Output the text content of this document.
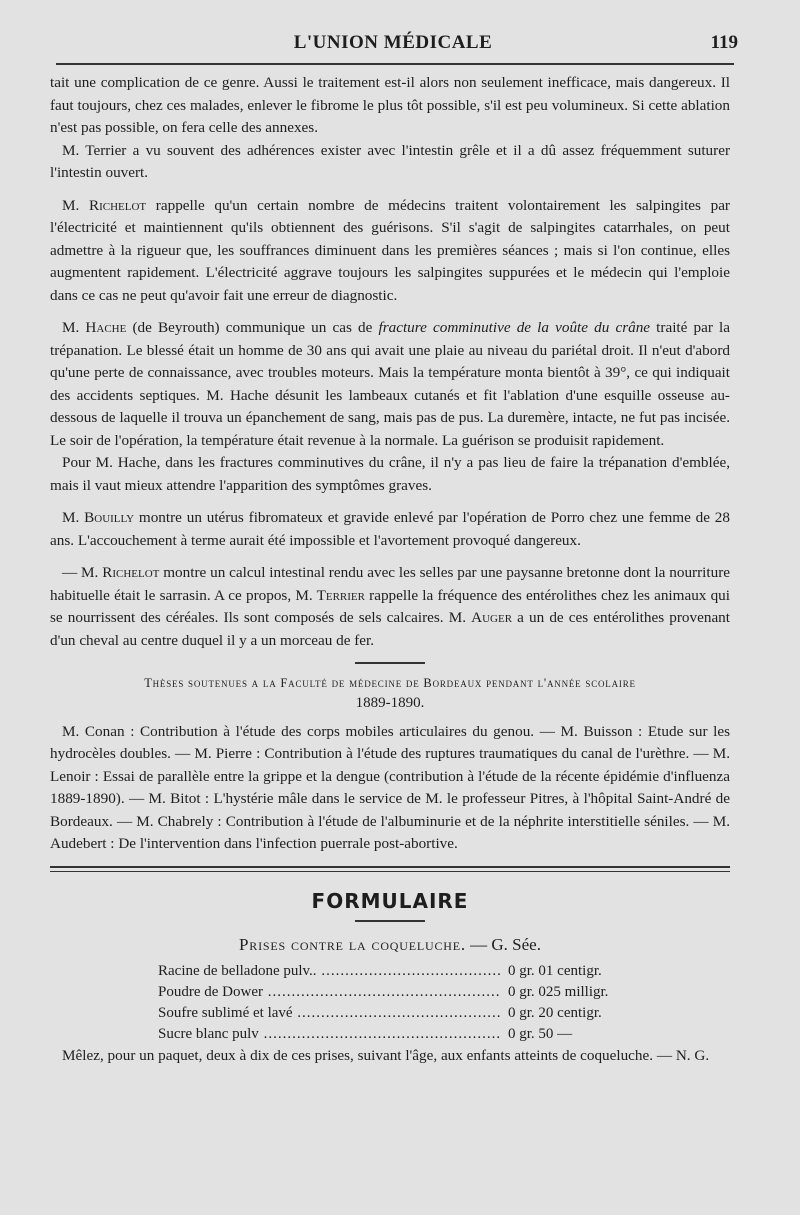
L'UNION MÉDICALE	119

tait une complication de ce genre. Aussi le traitement est-il alors non seulement inefficace, mais dangereux. Il faut toujours, chez ces malades, enlever le fibrome le plus tôt possible, s'il est peu volumineux. Si cette ablation n'est pas possible, on fera celle des annexes.

M. Terrier a vu souvent des adhérences exister avec l'intestin grêle et il a dû assez fréquemment suturer l'intestin ouvert.

M. Richelot rappelle qu'un certain nombre de médecins traitent volontairement les salpingites par l'électricité et maintiennent qu'ils obtiennent des guérisons. S'il s'agit de salpingites catarrhales, on peut admettre à la rigueur que, les souffrances diminuent dans les premières séances ; mais si l'on continue, elles augmentent rapidement. L'électricité aggrave toujours les salpingites suppurées et le médecin qui l'emploie dans ce cas ne peut qu'avoir fait une erreur de diagnostic.

M. Hache (de Beyrouth) communique un cas de fracture comminutive de la voûte du crâne traité par la trépanation. Le blessé était un homme de 30 ans qui avait une plaie au niveau du pariétal droit. Il n'eut d'abord qu'une perte de connaissance, avec troubles moteurs. Mais la température monta bientôt à 39°, ce qui indiquait des accidents septiques. M. Hache désunit les lambeaux cutanés et fit l'ablation d'une esquille osseuse au-dessous de laquelle il trouva un épanchement de sang, mais pas de pus. La duremère, intacte, ne fut pas incisée. Le soir de l'opération, la température était revenue à la normale. La guérison se produisit rapidement.

Pour M. Hache, dans les fractures comminutives du crâne, il n'y a pas lieu de faire la trépanation d'emblée, mais il vaut mieux attendre l'apparition des symptômes graves.

M. Bouilly montre un utérus fibromateux et gravide enlevé par l'opération de Porro chez une femme de 28 ans. L'accouchement à terme aurait été impossible et l'avortement provoqué dangereux.

— M. Richelot montre un calcul intestinal rendu avec les selles par une paysanne bretonne dont la nourriture habituelle était le sarrasin. A ce propos, M. Terrier rappelle la fréquence des entérolithes chez les animaux qui se nourrissent des céréales. Ils sont composés de sels calcaires. M. Auger a un de ces entérolithes provenant d'un cheval au centre duquel il y a un morceau de fer.

Thèses soutenues a la Faculté de médecine de Bordeaux pendant l'année scolaire
1889-1890.

M. Conan : Contribution à l'étude des corps mobiles articulaires du genou. — M. Buisson : Etude sur les hydrocèles doubles. — M. Pierre : Contribution à l'étude des ruptures traumatiques du canal de l'urèthre. — M. Lenoir : Essai de parallèle entre la grippe et la dengue (contribution à l'étude de la récente épidémie d'influenza 1889-1890). — M. Bitot : L'hystérie mâle dans le service de M. le professeur Pitres, à l'hôpital Saint-André de Bordeaux. — M. Chabrely : Contribution à l'étude de l'albuminurie et de la néphrite interstitielle séniles. — M. Audebert : De l'intervention dans l'infection puerrale post-abortive.

FORMULAIRE
Prises contre la coqueluche. — G. Sée.
Racine de belladone pulv.. .....	0 gr. 01 centigr.
Poudre de Dower .....	0 gr. 025 milligr.
Soufre sublimé et lavé .....	0 gr. 20 centigr.
Sucre blanc pulv .....	0 gr. 50 —

Mêlez, pour un paquet, deux à dix de ces prises, suivant l'âge, aux enfants atteints de coqueluche. — N. G.
